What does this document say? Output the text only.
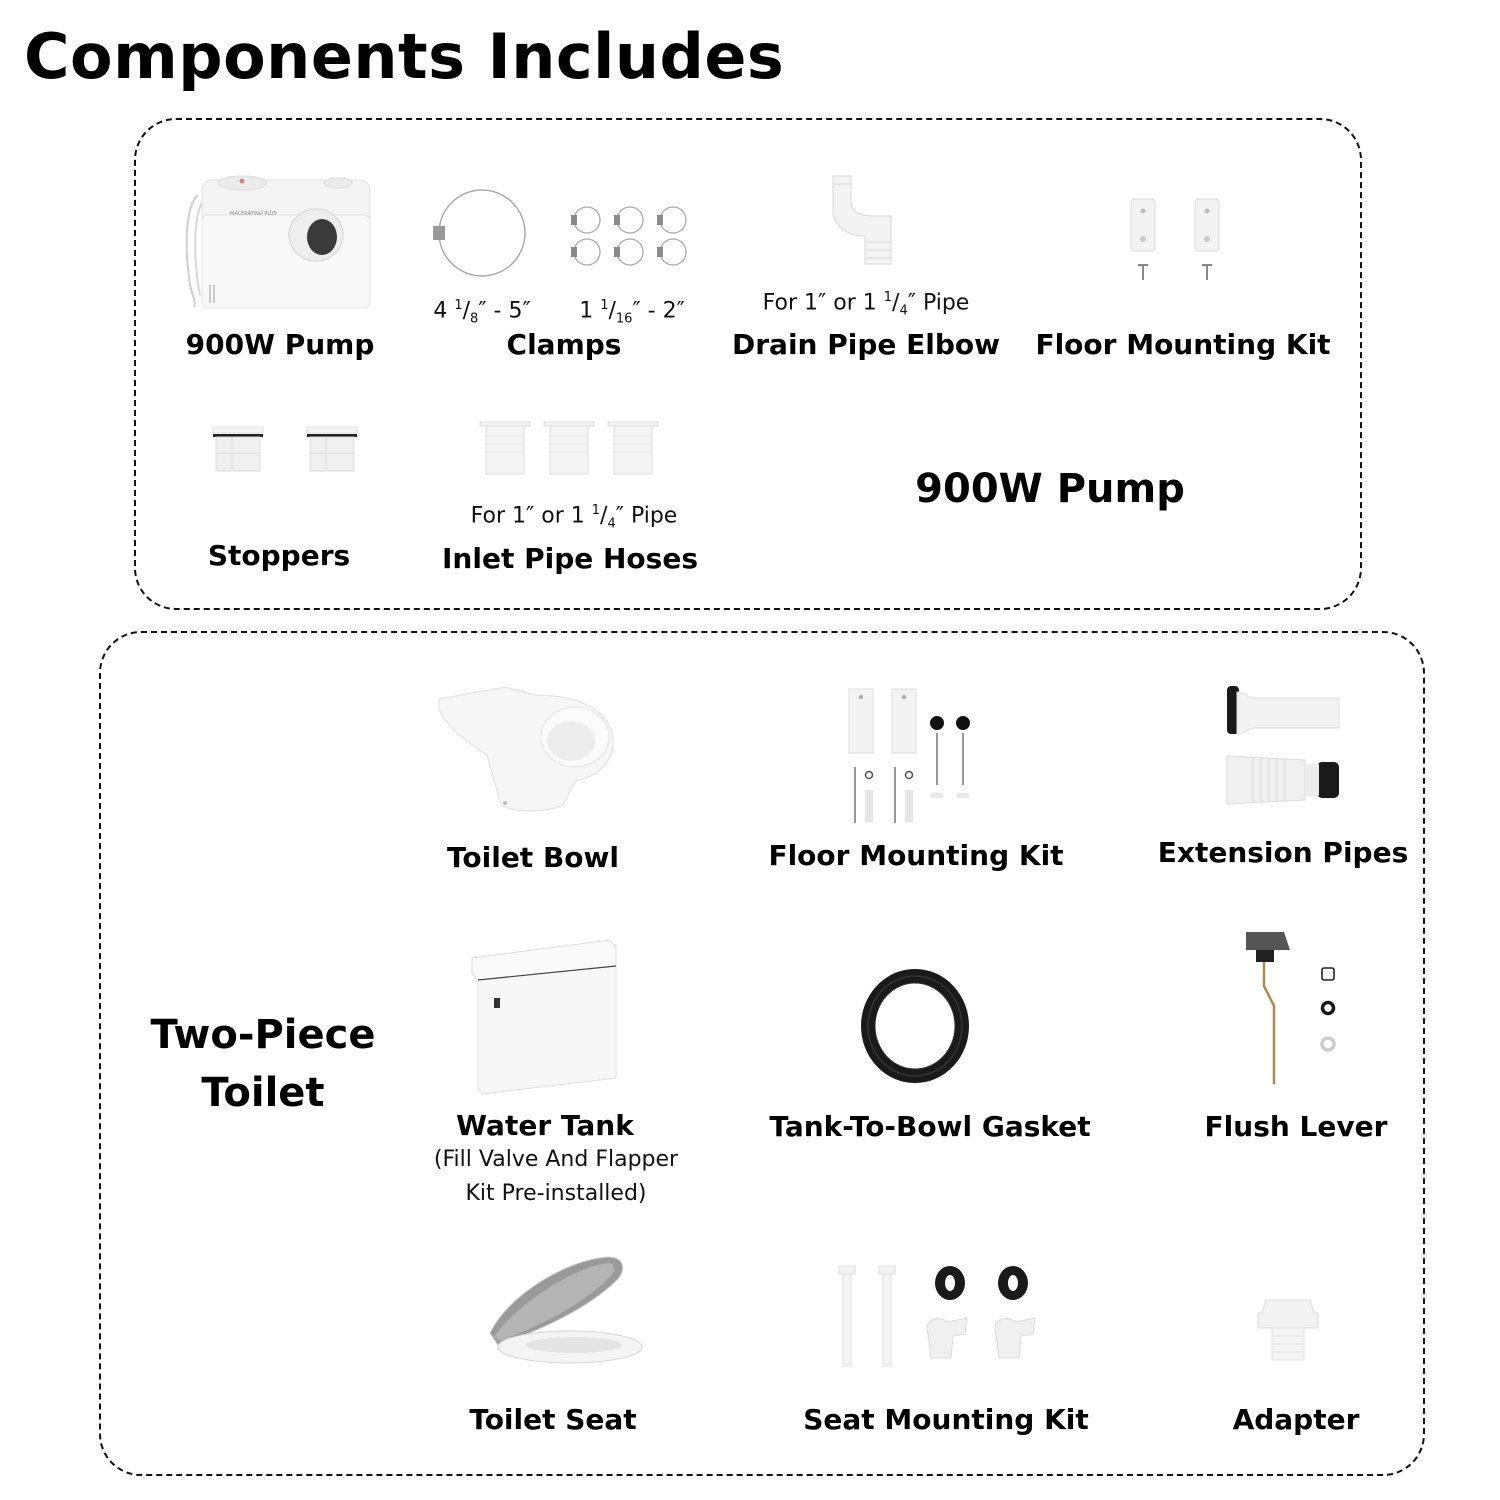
Components Includes
MACERATING PLUS
900W Pump
4 $^1/_8'' - 5''$ 1 $^1/_{16}'' - 2''$
Clamps
For 1″ or 1 $^1/_4''$ Pipe
Drain Pipe Elbow Floor Mounting Kit
Stoppers
For 1″ or 1 $^1/_4''$ Pipe
Inlet Pipe Hoses
900W Pump
Two-Piece
Toilet
Toilet Bowl	Floor Mounting Kit	Extension Pipes
Water Tank
(Fill Valve And Flapper
Kit Pre-installed)
Tank-To-Bowl Gasket	Flush Lever
Toilet Seat	Seat Mounting Kit	Adapter
